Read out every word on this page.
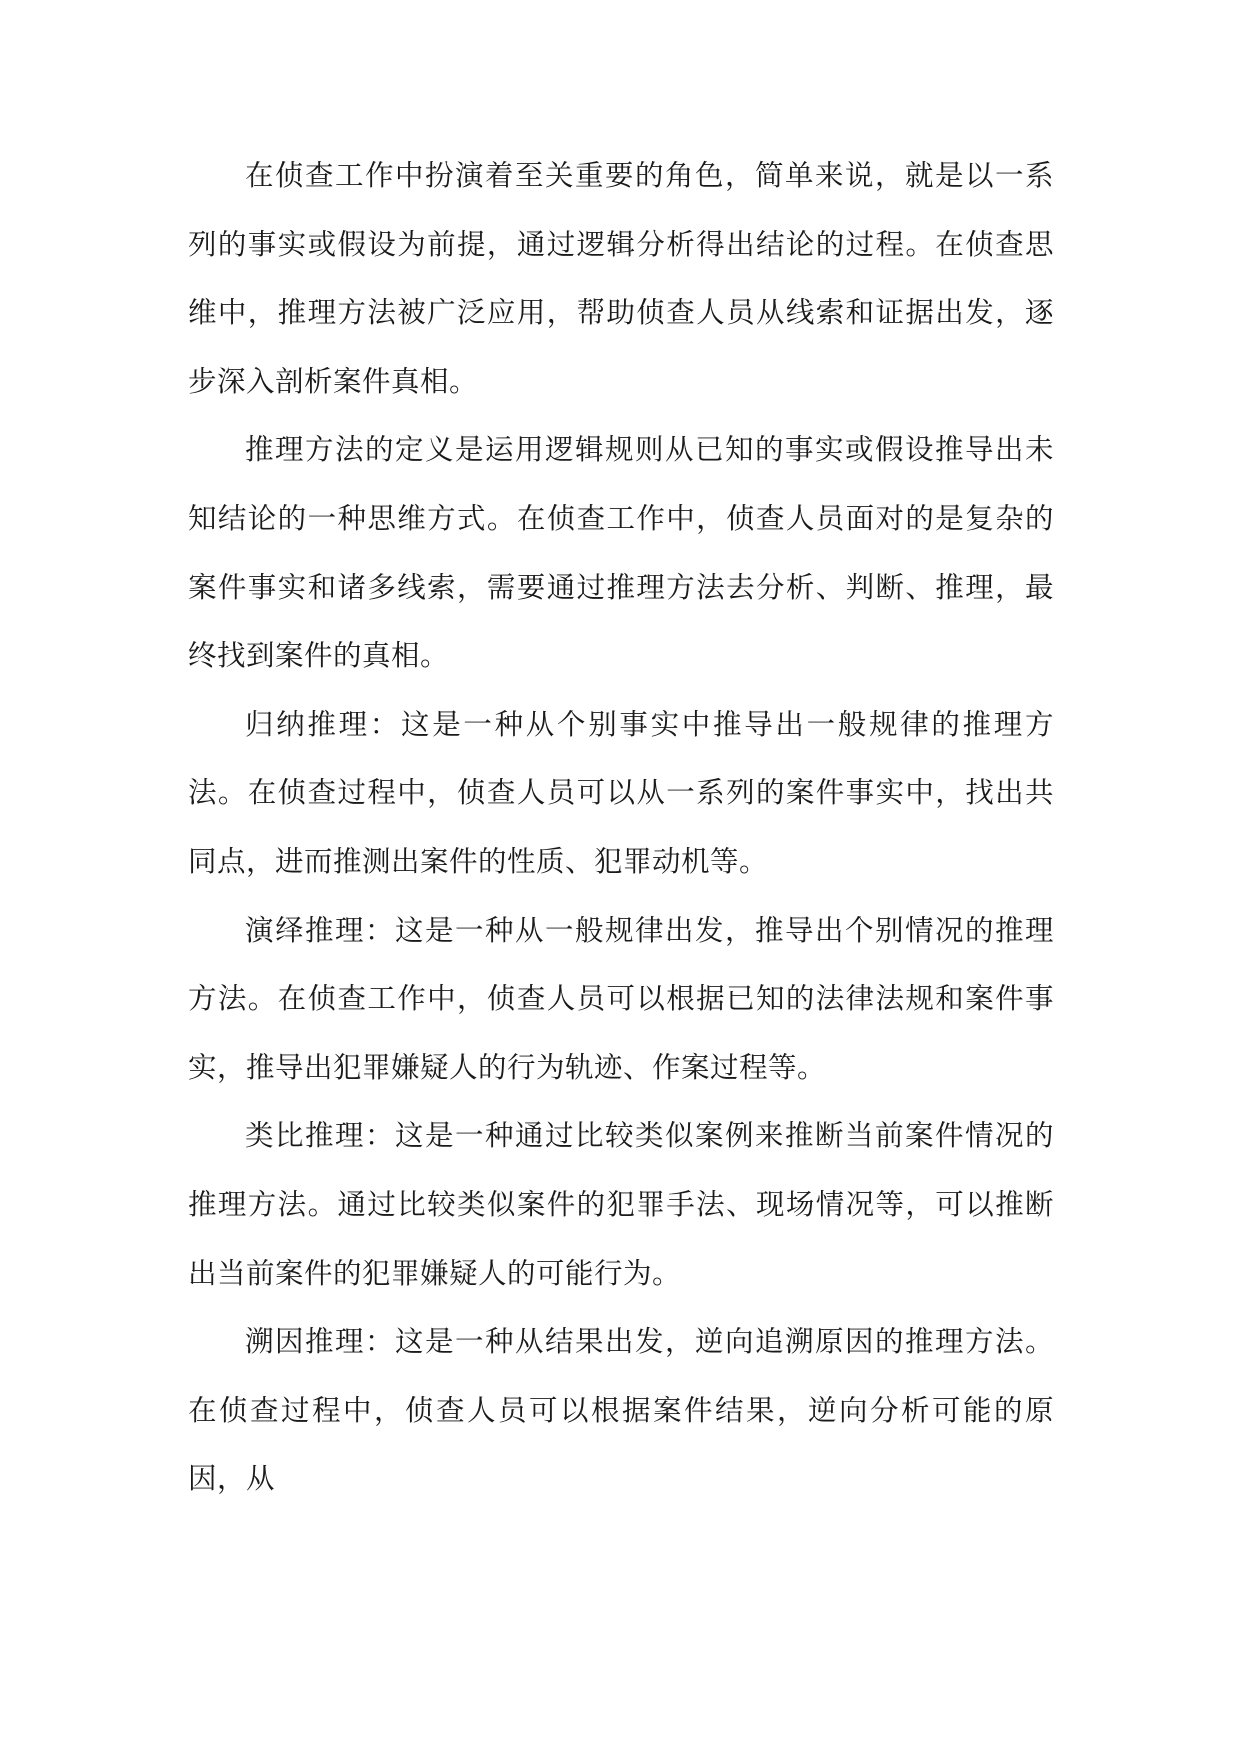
在侦查工作中扮演着至关重要的角色，简单来说，就是以一系列的事实或假设为前提，通过逻辑分析得出结论的过程。在侦查思维中，推理方法被广泛应用，帮助侦查人员从线索和证据出发，逐步深入剖析案件真相。

推理方法的定义是运用逻辑规则从已知的事实或假设推导出未知结论的一种思维方式。在侦查工作中，侦查人员面对的是复杂的案件事实和诸多线索，需要通过推理方法去分析、判断、推理，最终找到案件的真相。

归纳推理：这是一种从个别事实中推导出一般规律的推理方法。在侦查过程中，侦查人员可以从一系列的案件事实中，找出共同点，进而推测出案件的性质、犯罪动机等。

演绎推理：这是一种从一般规律出发，推导出个别情况的推理方法。在侦查工作中，侦查人员可以根据已知的法律法规和案件事实，推导出犯罪嫌疑人的行为轨迹、作案过程等。

类比推理：这是一种通过比较类似案例来推断当前案件情况的推理方法。通过比较类似案件的犯罪手法、现场情况等，可以推断出当前案件的犯罪嫌疑人的可能行为。

溯因推理：这是一种从结果出发，逆向追溯原因的推理方法。在侦查过程中，侦查人员可以根据案件结果，逆向分析可能的原因，从
